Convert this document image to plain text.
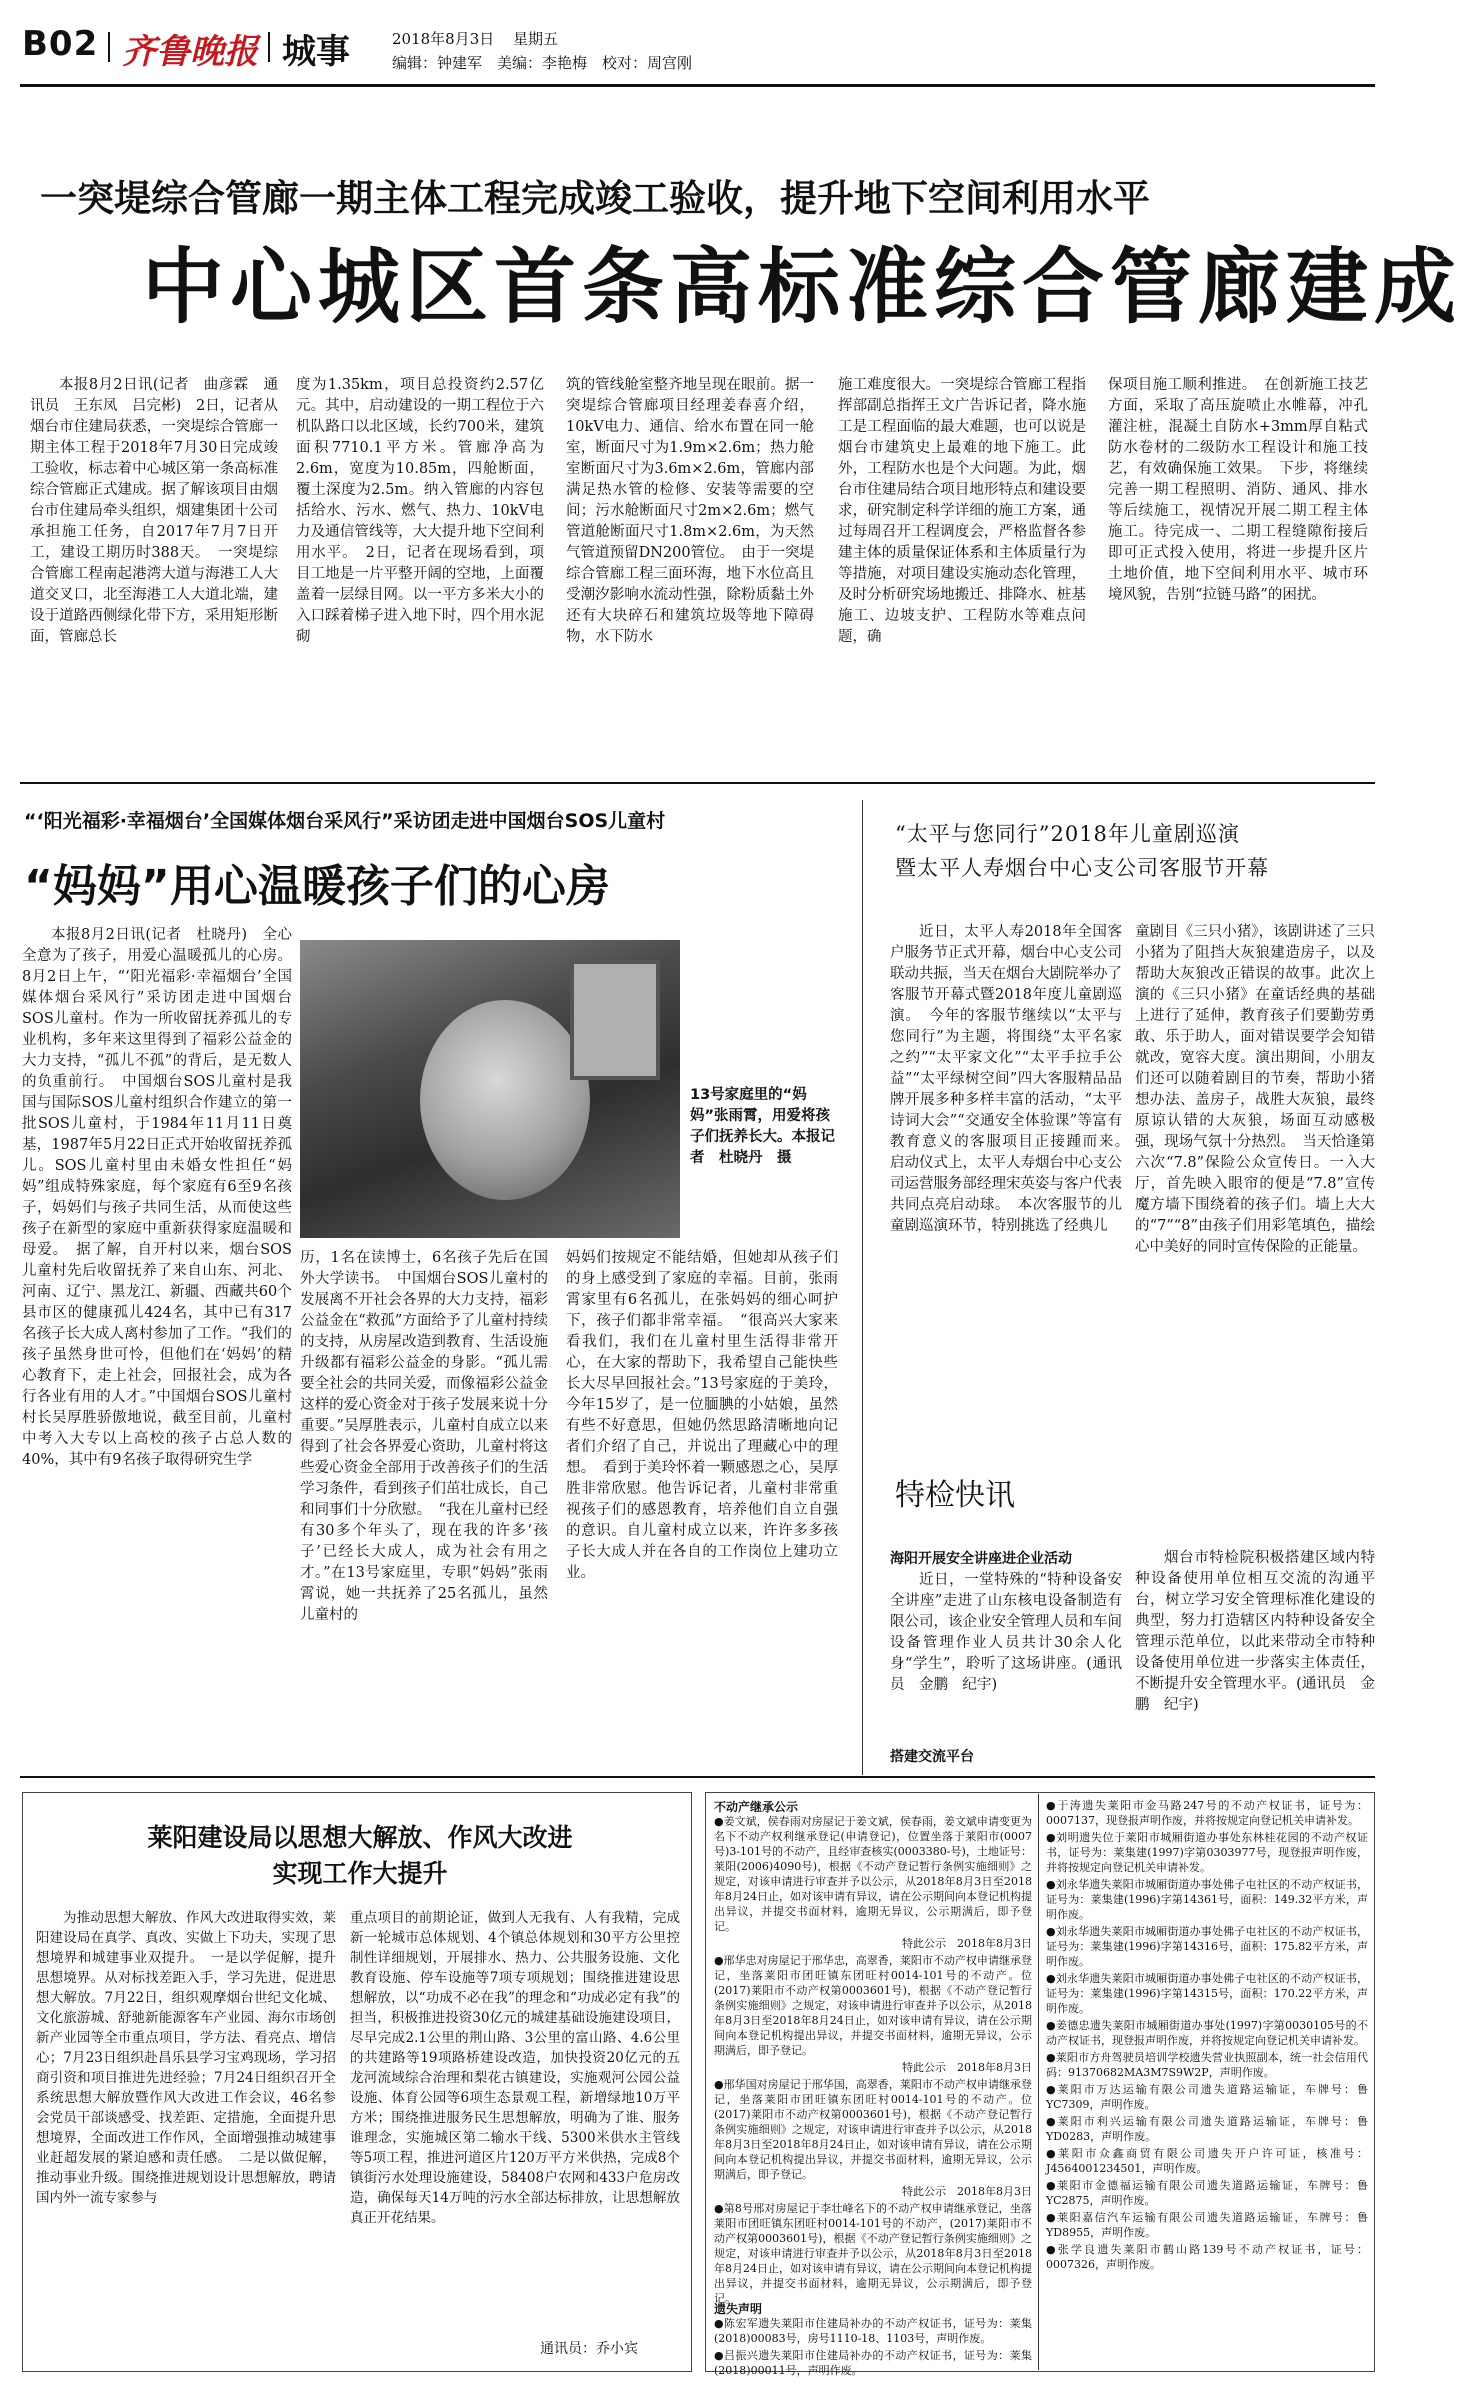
B02 齐鲁晚报 城事	2018年8月3日 星期五
编辑：钟建军　美编：李艳梅　校对：周宫刚
一突堤综合管廊一期主体工程完成竣工验收，提升地下空间利用水平
中心城区首条高标准综合管廊建成

本报8月2日讯(记者　曲彦霖　通讯员　王东凤　吕完彬)　2日，记者从烟台市住建局获悉，一突堤综合管廊一期主体工程于2018年7月30日完成竣工验收，标志着中心城区第一条高标准综合管廊正式建成。据了解该项目由烟台市住建局牵头组织，烟建集团十公司承担施工任务，自2017年7月7日开工，建设工期历时388天。　一突堤综合管廊工程南起港湾大道与海港工人大道交叉口，北至海港工人大道北端，建设于道路西侧绿化带下方，采用矩形断面，管廊总长

度为1.35km，项目总投资约2.57亿元。其中，启动建设的一期工程位于六机队路口以北区域，长约700米，建筑面积7710.1平方米。管廊净高为2.6m，宽度为10.85m，四舱断面，覆土深度为2.5m。纳入管廊的内容包括给水、污水、燃气、热力、10kV电力及通信管线等，大大提升地下空间利用水平。　2日，记者在现场看到，项目工地是一片平整开阔的空地，上面覆盖着一层绿目网。以一平方多米大小的入口踩着梯子进入地下时，四个用水泥砌

筑的管线舱室整齐地呈现在眼前。据一突堤综合管廊项目经理姜春喜介绍，10kV电力、通信、给水布置在同一舱室，断面尺寸为1.9m×2.6m；热力舱室断面尺寸为3.6m×2.6m，管廊内部满足热水管的检修、安装等需要的空间；污水舱断面尺寸2m×2.6m；燃气管道舱断面尺寸1.8m×2.6m，为天然气管道预留DN200管位。　由于一突堤综合管廊工程三面环海，地下水位高且受潮汐影响水流动性强，除粉质黏土外还有大块碎石和建筑垃圾等地下障碍物，水下防水

施工难度很大。一突堤综合管廊工程指挥部副总指挥王文广告诉记者，降水施工是工程面临的最大难题，也可以说是烟台市建筑史上最难的地下施工。此外，工程防水也是个大问题。为此，烟台市住建局结合项目地形特点和建设要求，研究制定科学详细的施工方案，通过每周召开工程调度会，严格监督各参建主体的质量保证体系和主体质量行为等措施，对项目建设实施动态化管理，及时分析研究场地搬迁、排降水、桩基施工、边坡支护、工程防水等难点问题，确

保项目施工顺利推进。　在创新施工技艺方面，采取了高压旋喷止水帷幕，冲孔灌注桩，混凝土自防水+3mm厚自粘式防水卷材的二级防水工程设计和施工技艺，有效确保施工效果。　下步，将继续完善一期工程照明、消防、通风、排水等后续施工，视情况开展二期工程主体施工。待完成一、二期工程缝隙衔接后即可正式投入使用，将进一步提升区片土地价值，地下空间利用水平、城市环境风貌，告别“拉链马路”的困扰。

“‘阳光福彩·幸福烟台’全国媒体烟台采风行”采访团走进中国烟台SOS儿童村
“妈妈”用心温暖孩子们的心房

本报8月2日讯(记者　杜晓丹)　全心全意为了孩子，用爱心温暖孤儿的心房。8月2日上午，“‘阳光福彩·幸福烟台’全国媒体烟台采风行”采访团走进中国烟台SOS儿童村。作为一所收留抚养孤儿的专业机构，多年来这里得到了福彩公益金的大力支持，“孤儿不孤”的背后，是无数人的负重前行。　中国烟台SOS儿童村是我国与国际SOS儿童村组织合作建立的第一批SOS儿童村，于1984年11月11日奠基，1987年5月22日正式开始收留抚养孤儿。SOS儿童村里由未婚女性担任“妈妈”组成特殊家庭，每个家庭有6至9名孩子，妈妈们与孩子共同生活，从而使这些孩子在新型的家庭中重新获得家庭温暖和母爱。　据了解，自开村以来，烟台SOS儿童村先后收留抚养了来自山东、河北、河南、辽宁、黑龙江、新疆、西藏共60个县市区的健康孤儿424名，其中已有317名孩子长大成人离村参加了工作。“我们的孩子虽然身世可怜，但他们在‘妈妈’的精心教育下，走上社会，回报社会，成为各行各业有用的人才。”中国烟台SOS儿童村村长吴厚胜骄傲地说，截至目前，儿童村中考入大专以上高校的孩子占总人数的40%，其中有9名孩子取得研究生学

13号家庭里的“妈妈”张雨霄，用爱将孩子们抚养长大。本报记者　杜晓丹　摄

历，1名在读博士，6名孩子先后在国外大学读书。　中国烟台SOS儿童村的发展离不开社会各界的大力支持，福彩公益金在“救孤”方面给予了儿童村持续的支持，从房屋改造到教育、生活设施升级都有福彩公益金的身影。“孤儿需要全社会的共同关爱，而像福彩公益金这样的爱心资金对于孩子发展来说十分重要。”吴厚胜表示，儿童村自成立以来得到了社会各界爱心资助，儿童村将这些爱心资金全部用于改善孩子们的生活学习条件，看到孩子们茁壮成长，自己和同事们十分欣慰。　“我在儿童村已经有30多个年头了，现在我的许多‘孩子’已经长大成人，成为社会有用之才。”在13号家庭里，专职“妈妈”张雨霄说，她一共抚养了25名孤儿，虽然儿童村的

妈妈们按规定不能结婚，但她却从孩子们的身上感受到了家庭的幸福。目前，张雨霄家里有6名孤儿，在张妈妈的细心呵护下，孩子们都非常幸福。　“很高兴大家来看我们，我们在儿童村里生活得非常开心，在大家的帮助下，我希望自己能快些长大尽早回报社会。”13号家庭的于美玲，今年15岁了，是一位腼腆的小姑娘，虽然有些不好意思，但她仍然思路清晰地向记者们介绍了自己，并说出了理藏心中的理想。　看到于美玲怀着一颗感恩之心，吴厚胜非常欣慰。他告诉记者，儿童村非常重视孩子们的感恩教育，培养他们自立自强的意识。自儿童村成立以来，许许多多孩子长大成人并在各自的工作岗位上建功立业。

“太平与您同行”2018年儿童剧巡演
暨太平人寿烟台中心支公司客服节开幕

近日，太平人寿2018年全国客户服务节正式开幕，烟台中心支公司联动共振，当天在烟台大剧院举办了客服节开幕式暨2018年度儿童剧巡演。　今年的客服节继续以“太平与您同行”为主题，将围绕“太平名家之约”“太平家文化”“太平手拉手公益”“太平绿树空间”四大客服精品品牌开展多种多样丰富的活动，“太平诗词大会”“交通安全体验课”等富有教育意义的客服项目正接踵而来。　启动仪式上，太平人寿烟台中心支公司运营服务部经理宋英姿与客户代表共同点亮启动球。　本次客服节的儿童剧巡演环节，特别挑选了经典儿

童剧目《三只小猪》，该剧讲述了三只小猪为了阻挡大灰狼建造房子，以及帮助大灰狼改正错误的故事。此次上演的《三只小猪》在童话经典的基础上进行了延伸，教育孩子们要勤劳勇敢、乐于助人，面对错误要学会知错就改，宽容大度。演出期间，小朋友们还可以随着剧目的节奏，帮助小猪想办法、盖房子，战胜大灰狼，最终原谅认错的大灰狼，场面互动感极强，现场气氛十分热烈。　当天恰逢第六次“7.8”保险公众宣传日。一入大厅，首先映入眼帘的便是“7.8”宣传魔方墙下围绕着的孩子们。墙上大大的“7”“8”由孩子们用彩笔填色，描绘心中美好的同时宣传保险的正能量。

特检快讯
海阳开展安全讲座进企业活动

近日，一堂特殊的“特种设备安全讲座”走进了山东核电设备制造有限公司，该企业安全管理人员和车间设备管理作业人员共计30余人化身“学生”，聆听了这场讲座。(通讯员　金鹏　纪宇)

搭建交流平台

烟台市特检院积极搭建区域内特种设备使用单位相互交流的沟通平台，树立学习安全管理标准化建设的典型，努力打造辖区内特种设备安全管理示范单位，以此来带动全市特种设备使用单位进一步落实主体责任，不断提升安全管理水平。(通讯员　金鹏　纪宇)

莱阳建设局以思想大解放、作风大改进
实现工作大提升

为推动思想大解放、作风大改进取得实效，莱阳建设局在真学、真改、实做上下功夫，实现了思想境界和城建事业双提升。　一是以学促解，提升思想境界。从对标找差距入手，学习先进，促进思想大解放。7月22日，组织观摩烟台世纪文化城、文化旅游城、舒驰新能源客车产业园、海尔市场创新产业园等全市重点项目，学方法、看亮点、增信心；7月23日组织赴昌乐县学习宝鸡现场，学习招商引资和项目推进先进经验；7月24日组织召开全系统思想大解放暨作风大改进工作会议，46名参会党员干部谈感受、找差距、定措施，全面提升思想境界，全面改进工作作风，全面增强推动城建事业赶超发展的紧迫感和责任感。　二是以做促解，推动事业升级。围绕推进规划设计思想解放，聘请国内外一流专家参与

重点项目的前期论证，做到人无我有、人有我精，完成新一轮城市总体规划、4个镇总体规划和30平方公里控制性详细规划，开展排水、热力、公共服务设施、文化教育设施、停车设施等7项专项规划；围绕推进建设思想解放，以“功成不必在我”的理念和“功成必定有我”的担当，积极推进投资30亿元的城建基础设施建设项目，尽早完成2.1公里的荆山路、3公里的富山路、4.6公里的共建路等19项路桥建设改造，加快投资20亿元的五龙河流域综合治理和梨花古镇建设，实施观河公园公益设施、体育公园等6项生态景观工程，新增绿地10万平方米；围绕推进服务民生思想解放，明确为了谁、服务谁理念，实施城区第二输水干线、5300米供水主管线等5项工程，推进河道区片120万平方米供热，完成8个镇街污水处理设施建设，58408户农网和433户危房改造，确保每天14万吨的污水全部达标排放，让思想解放真正开花结果。

通讯员：乔小宾
不动产继承公示

●姜文斌，侯春雨对房屋记于姜文斌，侯春雨，姜文斌申请变更为名下不动产权利继承登记(申请登记)，位置坐落于莱阳市(0007号)3-101号的不动产，且经审查核实(0003380-号)，土地证号：莱阳(2006)4090号)，根据《不动产登记暂行条例实施细则》之规定，对该申请进行审查并予以公示，从2018年8月3日至2018年8月24日止，如对该申请有异议，请在公示期间向本登记机构提出异议，并提交书面材料，逾期无异议，公示期满后，即予登记。

特此公示　2018年8月3日

●邢华忠对房屋记于邢华忠，高翠香，莱阳市不动产权申请继承登记，坐落莱阳市团旺镇东团旺村0014-101号的不动产。位(2017)莱阳市不动产权第0003601号)，根据《不动产登记暂行条例实施细则》之规定，对该申请进行审查并予以公示，从2018年8月3日至2018年8月24日止，如对该申请有异议，请在公示期间向本登记机构提出异议，并提交书面材料，逾期无异议，公示期满后，即予登记。

特此公示　2018年8月3日

●邢华国对房屋记于邢华国，高翠香，莱阳市不动产权申请继承登记，坐落莱阳市团旺镇东团旺村0014-101号的不动产。位(2017)莱阳市不动产权第0003601号)，根据《不动产登记暂行条例实施细则》之规定，对该申请进行审查并予以公示，从2018年8月3日至2018年8月24日止，如对该申请有异议，请在公示期间向本登记机构提出异议，并提交书面材料，逾期无异议，公示期满后，即予登记。

特此公示　2018年8月3日

●第8号邢对房屋记于李壮峰名下的不动产权申请继承登记，坐落莱阳市团旺镇东团旺村0014-101号的不动产，(2017)莱阳市不动产权第0003601号)，根据《不动产登记暂行条例实施细则》之规定，对该申请进行审查并予以公示，从2018年8月3日至2018年8月24日止，如对该申请有异议，请在公示期间向本登记机构提出异议，并提交书面材料，逾期无异议，公示期满后，即予登记。

遗失声明

●陈宏军遗失莱阳市住建局补办的不动产权证书，证号为：莱集(2018)00083号，房号1110-18、1103号，声明作废。

●吕振兴遗失莱阳市住建局补办的不动产权证书，证号为：莱集(2018)00011号，声明作废。

●于涛遗失莱阳市金马路247号的不动产权证书，证号为：0007137，现登报声明作废，并将按规定向登记机关申请补发。

●刘明遗失位于莱阳市城厢街道办事处东林桂花园的不动产权证书，证号为：莱集建(1997)字第0303977号，现登报声明作废，并将按规定向登记机关申请补发。

●刘永华遗失莱阳市城厢街道办事处佛子屯社区的不动产权证书，证号为：莱集建(1996)字第14361号，面积：149.32平方米，声明作废。

●刘永华遗失莱阳市城厢街道办事处佛子屯社区的不动产权证书，证号为：莱集建(1996)字第14316号，面积：175.82平方米，声明作废。

●刘永华遗失莱阳市城厢街道办事处佛子屯社区的不动产权证书，证号为：莱集建(1996)字第14315号，面积：170.22平方米，声明作废。

●姜德忠遗失莱阳市城厢街道办事处(1997)字第0030105号的不动产权证书，现登报声明作废，并将按规定向登记机关申请补发。

●莱阳市方舟驾驶员培训学校遗失营业执照副本，统一社会信用代码：91370682MA3M7S9W2P，声明作废。

●莱阳市万达运输有限公司遗失道路运输证，车牌号：鲁YC7309，声明作废。

●莱阳市利兴运输有限公司遗失道路运输证，车牌号：鲁YD0283，声明作废。

●莱阳市众鑫商贸有限公司遗失开户许可证，核准号：J4564001234501，声明作废。

●莱阳市金德福运输有限公司遗失道路运输证，车牌号：鲁YC2875，声明作废。

●莱阳嘉信汽车运输有限公司遗失道路运输证，车牌号：鲁YD8955，声明作废。

●张学良遗失莱阳市鹤山路139号不动产权证书，证号：0007326，声明作废。
